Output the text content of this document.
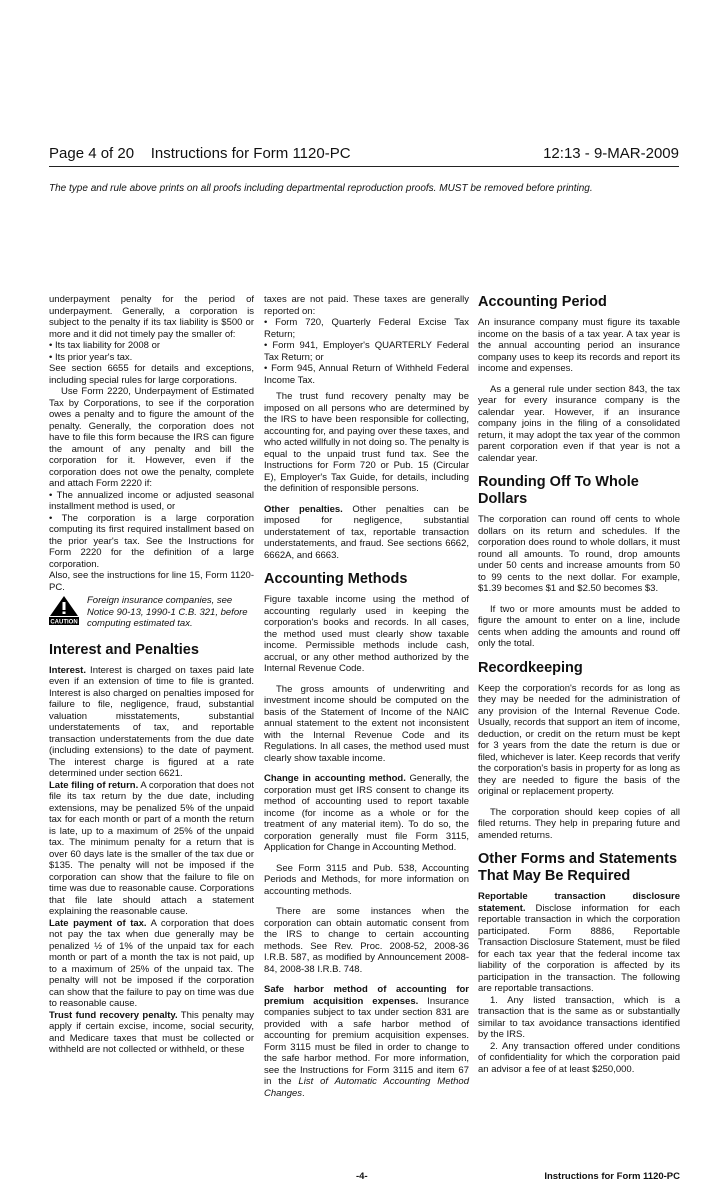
Page 4 of 20 Instructions for Form 1120-PC	12:13 - 9-MAR-2009
The type and rule above prints on all proofs including departmental reproduction proofs. MUST be removed before printing.

underpayment penalty for the period of underpayment. Generally, a corporation is subject to the penalty if its tax liability is $500 or more and it did not timely pay the smaller of:

• Its tax liability for 2008 or

• Its prior year's tax.

See section 6655 for details and exceptions, including special rules for large corporations.

Use Form 2220, Underpayment of Estimated Tax by Corporations, to see if the corporation owes a penalty and to figure the amount of the penalty. Generally, the corporation does not have to file this form because the IRS can figure the amount of any penalty and bill the corporation for it. However, even if the corporation does not owe the penalty, complete and attach Form 2220 if:

• The annualized income or adjusted seasonal installment method is used, or

• The corporation is a large corporation computing its first required installment based on the prior year's tax. See the Instructions for Form 2220 for the definition of a large corporation.

Also, see the instructions for line 15, Form 1120-PC.

CAUTION
Foreign insurance companies, see Notice 90-13, 1990-1 C.B. 321, before computing estimated tax.
Interest and Penalties

Interest. Interest is charged on taxes paid late even if an extension of time to file is granted. Interest is also charged on penalties imposed for failure to file, negligence, fraud, substantial valuation misstatements, substantial understatements of tax, and reportable transaction understatements from the due date (including extensions) to the date of payment. The interest charge is figured at a rate determined under section 6621.

Late filing of return. A corporation that does not file its tax return by the due date, including extensions, may be penalized 5% of the unpaid tax for each month or part of a month the return is late, up to a maximum of 25% of the unpaid tax. The minimum penalty for a return that is over 60 days late is the smaller of the tax due or $135. The penalty will not be imposed if the corporation can show that the failure to file on time was due to reasonable cause. Corporations that file late should attach a statement explaining the reasonable cause.

Late payment of tax. A corporation that does not pay the tax when due generally may be penalized ½ of 1% of the unpaid tax for each month or part of a month the tax is not paid, up to a maximum of 25% of the unpaid tax. The penalty will not be imposed if the corporation can show that the failure to pay on time was due to reasonable cause.

Trust fund recovery penalty. This penalty may apply if certain excise, income, social security, and Medicare taxes that must be collected or withheld are not collected or withheld, or these

taxes are not paid. These taxes are generally reported on:

• Form 720, Quarterly Federal Excise Tax Return;

• Form 941, Employer's QUARTERLY Federal Tax Return; or

• Form 945, Annual Return of Withheld Federal Income Tax.

The trust fund recovery penalty may be imposed on all persons who are determined by the IRS to have been responsible for collecting, accounting for, and paying over these taxes, and who acted willfully in not doing so. The penalty is equal to the unpaid trust fund tax. See the Instructions for Form 720 or Pub. 15 (Circular E), Employer's Tax Guide, for details, including the definition of responsible persons.

Other penalties. Other penalties can be imposed for negligence, substantial understatement of tax, reportable transaction understatements, and fraud. See sections 6662, 6662A, and 6663.

Accounting Methods

Figure taxable income using the method of accounting regularly used in keeping the corporation's books and records. In all cases, the method used must clearly show taxable income. Permissible methods include cash, accrual, or any other method authorized by the Internal Revenue Code.

The gross amounts of underwriting and investment income should be computed on the basis of the Statement of Income of the NAIC annual statement to the extent not inconsistent with the Internal Revenue Code and its Regulations. In all cases, the method used must clearly show taxable income.

Change in accounting method. Generally, the corporation must get IRS consent to change its method of accounting used to report taxable income (for income as a whole or for the treatment of any material item). To do so, the corporation generally must file Form 3115, Application for Change in Accounting Method.

See Form 3115 and Pub. 538, Accounting Periods and Methods, for more information on accounting methods.

There are some instances when the corporation can obtain automatic consent from the IRS to change to certain accounting methods. See Rev. Proc. 2008-52, 2008-36 I.R.B. 587, as modified by Announcement 2008-84, 2008-38 I.R.B. 748.

Safe harbor method of accounting for premium acquisition expenses. Insurance companies subject to tax under section 831 are provided with a safe harbor method of accounting for premium acquisition expenses. Form 3115 must be filed in order to change to the safe harbor method. For more information, see the Instructions for Form 3115 and item 67 in the List of Automatic Accounting Method Changes.

Accounting Period

An insurance company must figure its taxable income on the basis of a tax year. A tax year is the annual accounting period an insurance company uses to keep its records and report its income and expenses.

As a general rule under section 843, the tax year for every insurance company is the calendar year. However, if an insurance company joins in the filing of a consolidated return, it may adopt the tax year of the common parent corporation even if that year is not a calendar year.

Rounding Off To Whole Dollars

The corporation can round off cents to whole dollars on its return and schedules. If the corporation does round to whole dollars, it must round all amounts. To round, drop amounts under 50 cents and increase amounts from 50 to 99 cents to the next dollar. For example, $1.39 becomes $1 and $2.50 becomes $3.

If two or more amounts must be added to figure the amount to enter on a line, include cents when adding the amounts and round off only the total.

Recordkeeping

Keep the corporation's records for as long as they may be needed for the administration of any provision of the Internal Revenue Code. Usually, records that support an item of income, deduction, or credit on the return must be kept for 3 years from the date the return is due or filed, whichever is later. Keep records that verify the corporation's basis in property for as long as they are needed to figure the basis of the original or replacement property.

The corporation should keep copies of all filed returns. They help in preparing future and amended returns.

Other Forms and Statements That May Be Required

Reportable transaction disclosure statement. Disclose information for each reportable transaction in which the corporation participated. Form 8886, Reportable Transaction Disclosure Statement, must be filed for each tax year that the federal income tax liability of the corporation is affected by its participation in the transaction. The following are reportable transactions.

1. Any listed transaction, which is a transaction that is the same as or substantially similar to tax avoidance transactions identified by the IRS.

2. Any transaction offered under conditions of confidentiality for which the corporation paid an advisor a fee of at least $250,000.

-4-	Instructions for Form 1120-PC
